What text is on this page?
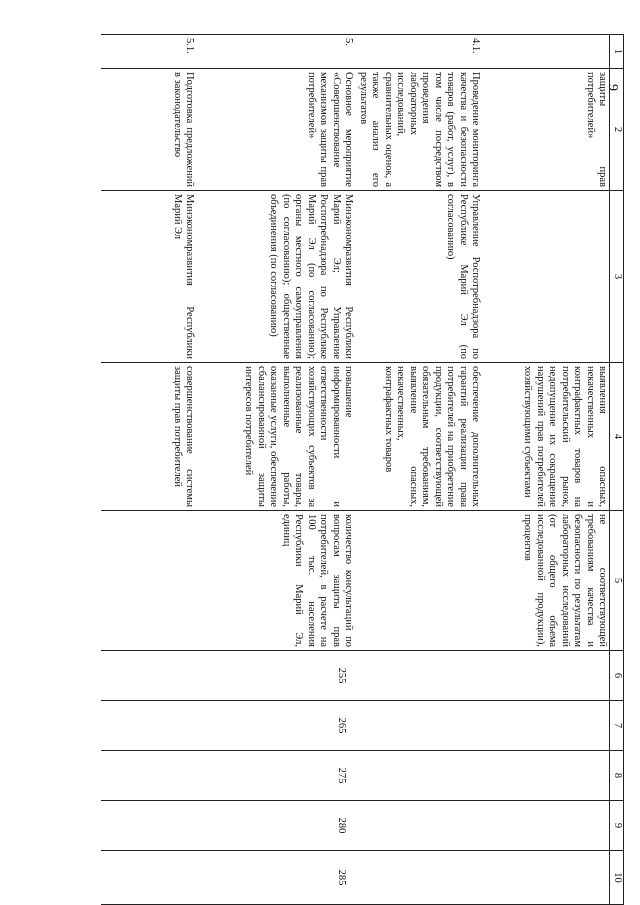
9
1	2	3	4	5	6	7	8	9	10
	защиты прав потребителей»		выявления опасных, некачественных и контрафактных товаров на потребительский рынок, недопущение их сокращение нарушений прав потребителей хозяйствующими субъектами	не соответствующей требованиям качества и безопасности по результатам лабораторных исследований (от общего объема исследованной продукции), процентов					
4.1.	Проведение мониторинга качества и безопасности товаров (работ, услуг), в том числе посредством проведения лабораторных исследований, сравнительных оценок, а также анализ его результатов	Управление Роспотребнадзора по Республике Марий Эл (по согласованию)	обеспечение дополнительных гарантий реализации права потребителей на приобретение продукции, соответствующей обязательным требованиям, выявление опасных, некачественных, контрафактных товаров						
5.	Основное мероприятие «Совершенствование механизмов защиты прав потребителей»	Минэкономразвития Республики Марий Эл; Управление Роспотребнадзора по Республике Марий Эл (по согласованию); органы местного самоуправления (по согласованию); общественные объединения (по согласованию)	повышение информированности и ответственности хозяйствующих субъектов за реализованные товары, выполненные работы, оказанные услуги, обеспечение сбалансированной защиты интересов потребителей	количество консультаций по вопросам защиты прав потребителей, в расчете на 100 тыс. населения Республики Марий Эл, единиц	255	265	275	280	285
5.1.	Подготовка предложений в законодательство	Минэкономразвития Республики Марий Эл	совершенствование системы защиты прав потребителей						
